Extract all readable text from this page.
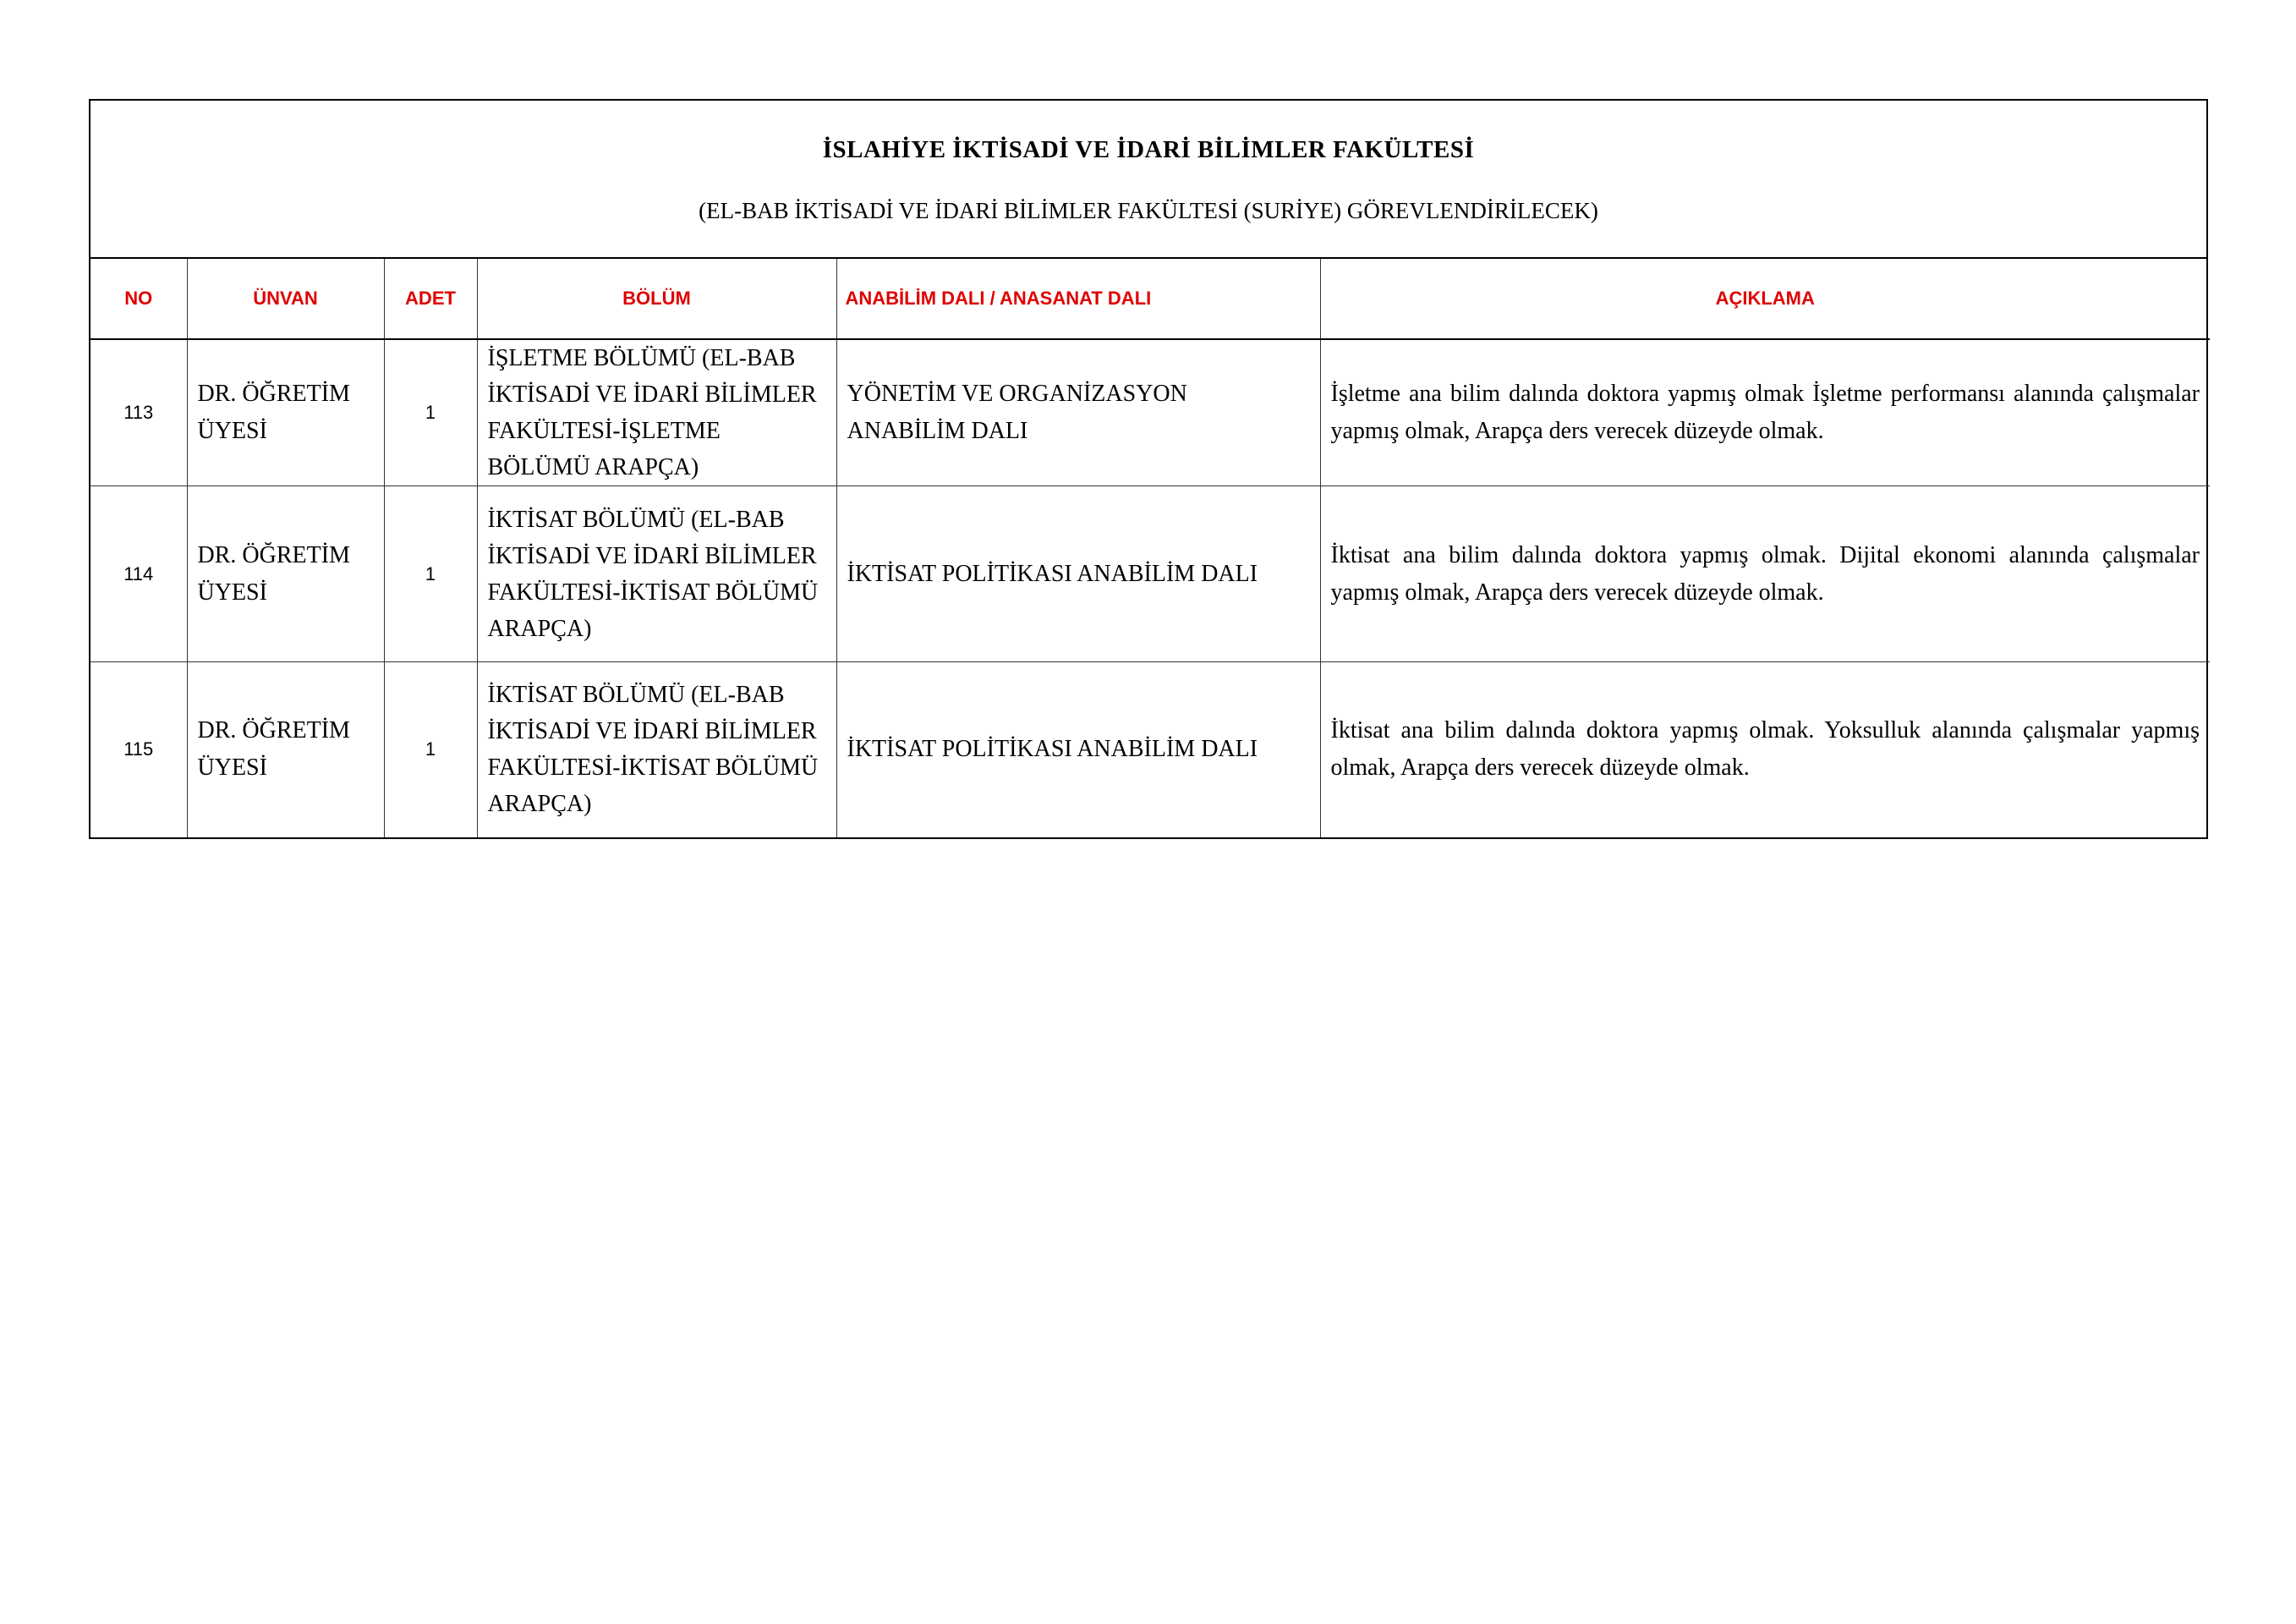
İSLAHİYE İKTİSADİ VE İDARİ BİLİMLER FAKÜLTESİ
(EL-BAB İKTİSADİ VE İDARİ BİLİMLER FAKÜLTESİ (SURİYE) GÖREVLENDİRİLECEK)
NO	ÜNVAN	ADET	BÖLÜM	ANABİLİM DALI / ANASANAT DALI	AÇIKLAMA
113	DR. ÖĞRETİM ÜYESİ	1	İŞLETME BÖLÜMÜ (EL-BAB İKTİSADİ VE İDARİ BİLİMLER FAKÜLTESİ-İŞLETME BÖLÜMÜ ARAPÇA)	YÖNETİM VE ORGANİZASYON ANABİLİM DALI	İşletme ana bilim dalında doktora yapmış olmak İşletme performansı alanında çalışmalar yapmış olmak, Arapça ders verecek düzeyde olmak.
114	DR. ÖĞRETİM ÜYESİ	1	İKTİSAT BÖLÜMÜ (EL-BAB İKTİSADİ VE İDARİ BİLİMLER FAKÜLTESİ-İKTİSAT BÖLÜMÜ ARAPÇA)	İKTİSAT POLİTİKASI ANABİLİM DALI	İktisat ana bilim dalında doktora yapmış olmak. Dijital ekonomi alanında çalışmalar yapmış olmak, Arapça ders verecek düzeyde olmak.
115	DR. ÖĞRETİM ÜYESİ	1	İKTİSAT BÖLÜMÜ (EL-BAB İKTİSADİ VE İDARİ BİLİMLER FAKÜLTESİ-İKTİSAT BÖLÜMÜ ARAPÇA)	İKTİSAT POLİTİKASI ANABİLİM DALI	İktisat ana bilim dalında doktora yapmış olmak. Yoksulluk alanında çalışmalar yapmış olmak, Arapça ders verecek düzeyde olmak.
